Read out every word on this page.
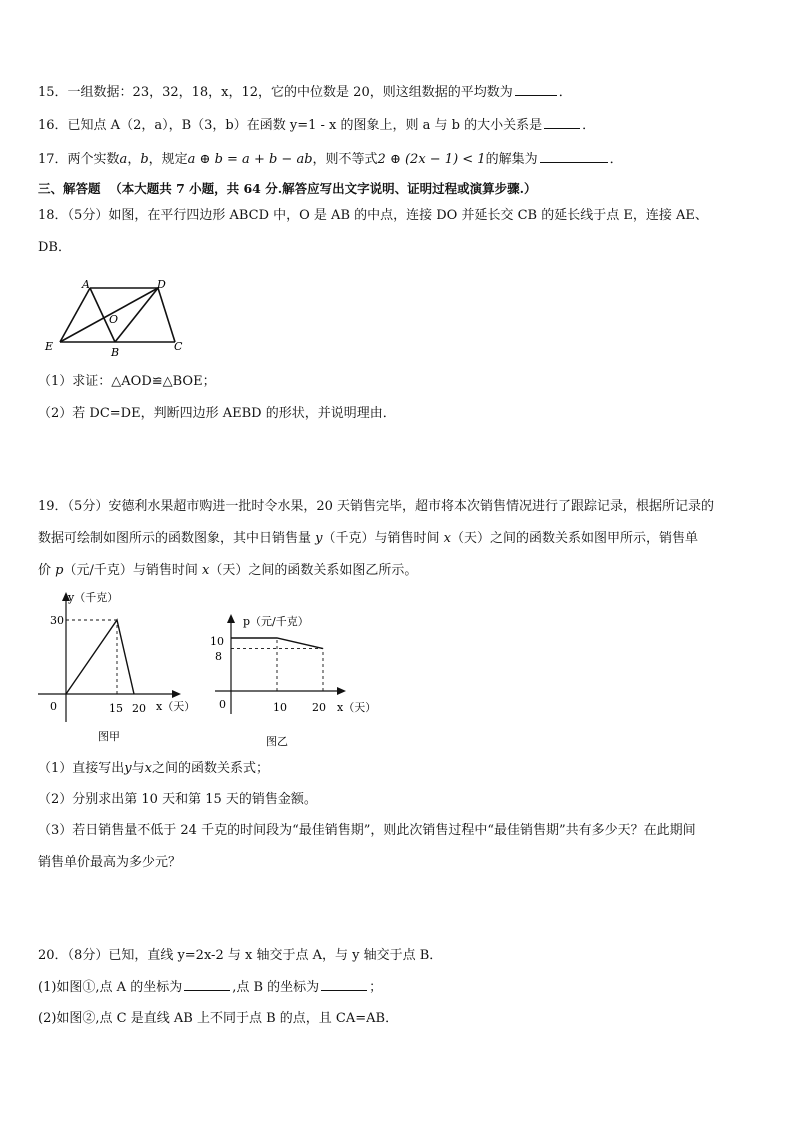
15．一组数据：23，32，18，x，12，它的中位数是 20，则这组数据的平均数为	．
16．已知点 A（2，a），B（3，b）在函数 y=1 - x 的图象上，则 a 与 b 的大小关系是	．
17．两个实数a，b，规定a ⊕ b = a + b − ab，则不等式2 ⊕ (2x − 1) < 1的解集为	．
三、解答题 （本大题共 7 小题，共 64 分.解答应写出文字说明、证明过程或演算步骤.）
18．（5分）如图，在平行四边形 ABCD 中，O 是 AB 的中点，连接 DO 并延长交 CB 的延长线于点 E，连接 AE、
DB．
A	D
O
E	B	C
（1）求证：△AOD≌△BOE；
（2）若 DC=DE，判断四边形 AEBD 的形状，并说明理由．
19．（5分）安德利水果超市购进一批时令水果，20 天销售完毕，超市将本次销售情况进行了跟踪记录，根据所记录的
数据可绘制如图所示的函数图象，其中日销售量 y（千克）与销售时间 x（天）之间的函数关系如图甲所示，销售单
价 p（元/千克）与销售时间 x（天）之间的函数关系如图乙所示。
y（千克）
30
0	15 20 x（天）
图甲
p（元/千克）
10
8
0	10 20 x（天）
图乙
（1）直接写出y与x之间的函数关系式；
（2）分别求出第 10 天和第 15 天的销售金额。
（3）若日销售量不低于 24 千克的时间段为“最佳销售期”，则此次销售过程中“最佳销售期”共有多少天？在此期间
销售单价最高为多少元？
20．（8分）已知，直线 y=2x-2 与 x 轴交于点 A，与 y 轴交于点 B．
(1)如图①,点 A 的坐标为	,点 B 的坐标为	；
(2)如图②,点 C 是直线 AB 上不同于点 B 的点，且 CA=AB．
